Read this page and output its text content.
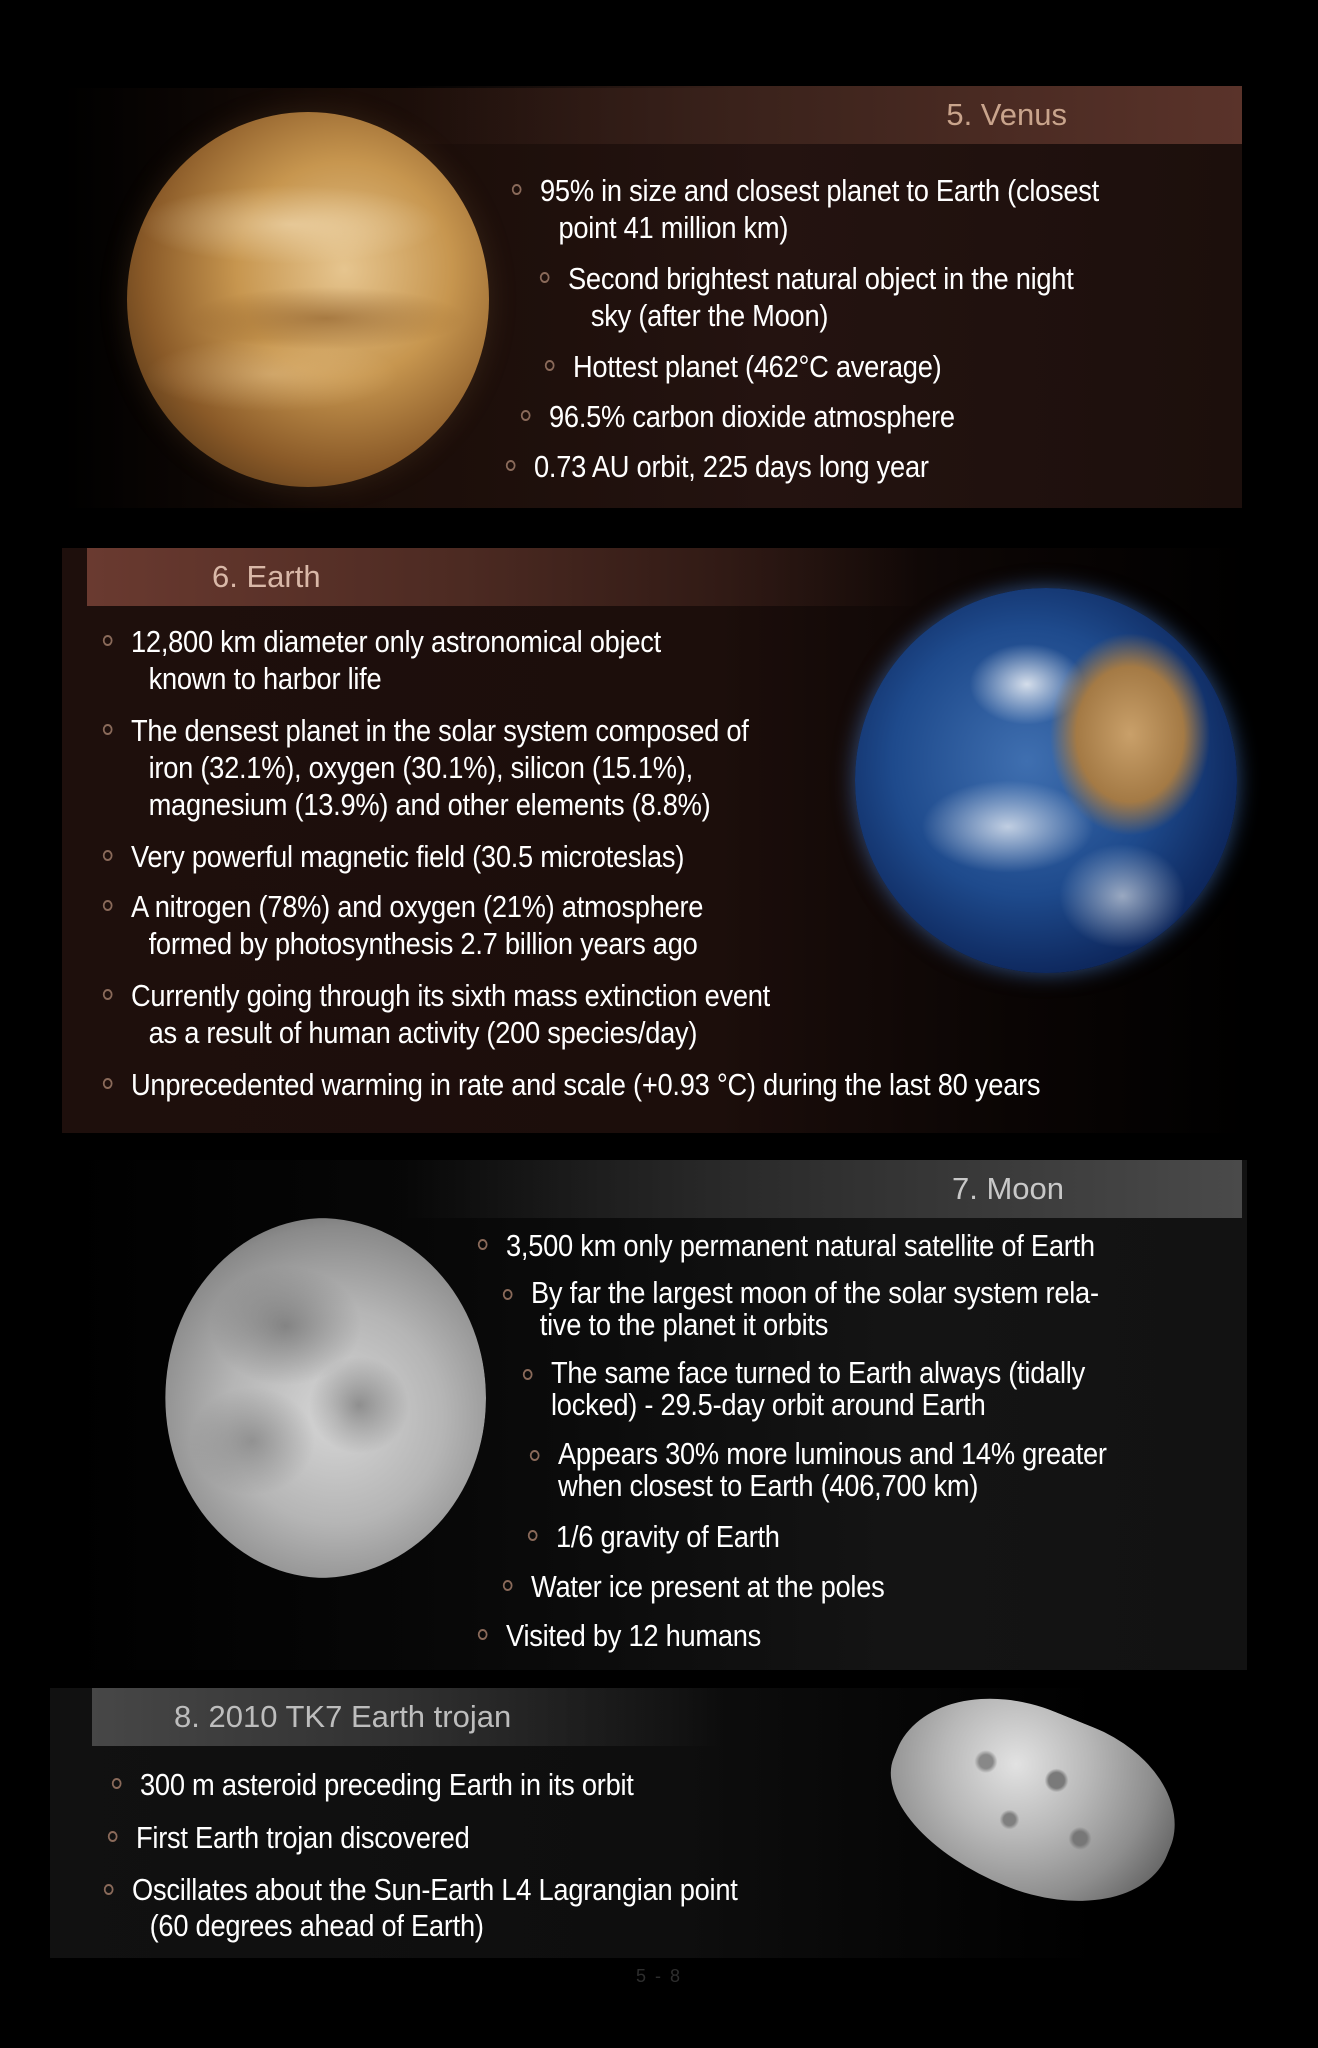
5. Venus
95% in size and closest planet to Earth (closest
point 41 million km)
Second brightest natural object in the night
sky (after the Moon)
Hottest planet (462°C average)
96.5% carbon dioxide atmosphere
0.73 AU orbit, 225 days long year
6. Earth
12,800 km diameter only astronomical object
known to harbor life
The densest planet in the solar system composed of
iron (32.1%), oxygen (30.1%), silicon (15.1%),
magnesium (13.9%) and other elements (8.8%)
Very powerful magnetic field (30.5 microteslas)
A nitrogen (78%) and oxygen (21%) atmosphere
formed by photosynthesis 2.7 billion years ago
Currently going through its sixth mass extinction event
as a result of human activity (200 species/day)
Unprecedented warming in rate and scale (+0.93 °C) during the last 80 years
7. Moon
3,500 km only permanent natural satellite of Earth
By far the largest moon of the solar system rela-
tive to the planet it orbits
The same face turned to Earth always (tidally
locked) - 29.5-day orbit around Earth
Appears 30% more luminous and 14% greater
when closest to Earth (406,700 km)
1/6 gravity of Earth
Water ice present at the poles
Visited by 12 humans
8. 2010 TK7 Earth trojan
300 m asteroid preceding Earth in its orbit
First Earth trojan discovered
Oscillates about the Sun-Earth L4 Lagrangian point
(60 degrees ahead of Earth)
5 - 8
